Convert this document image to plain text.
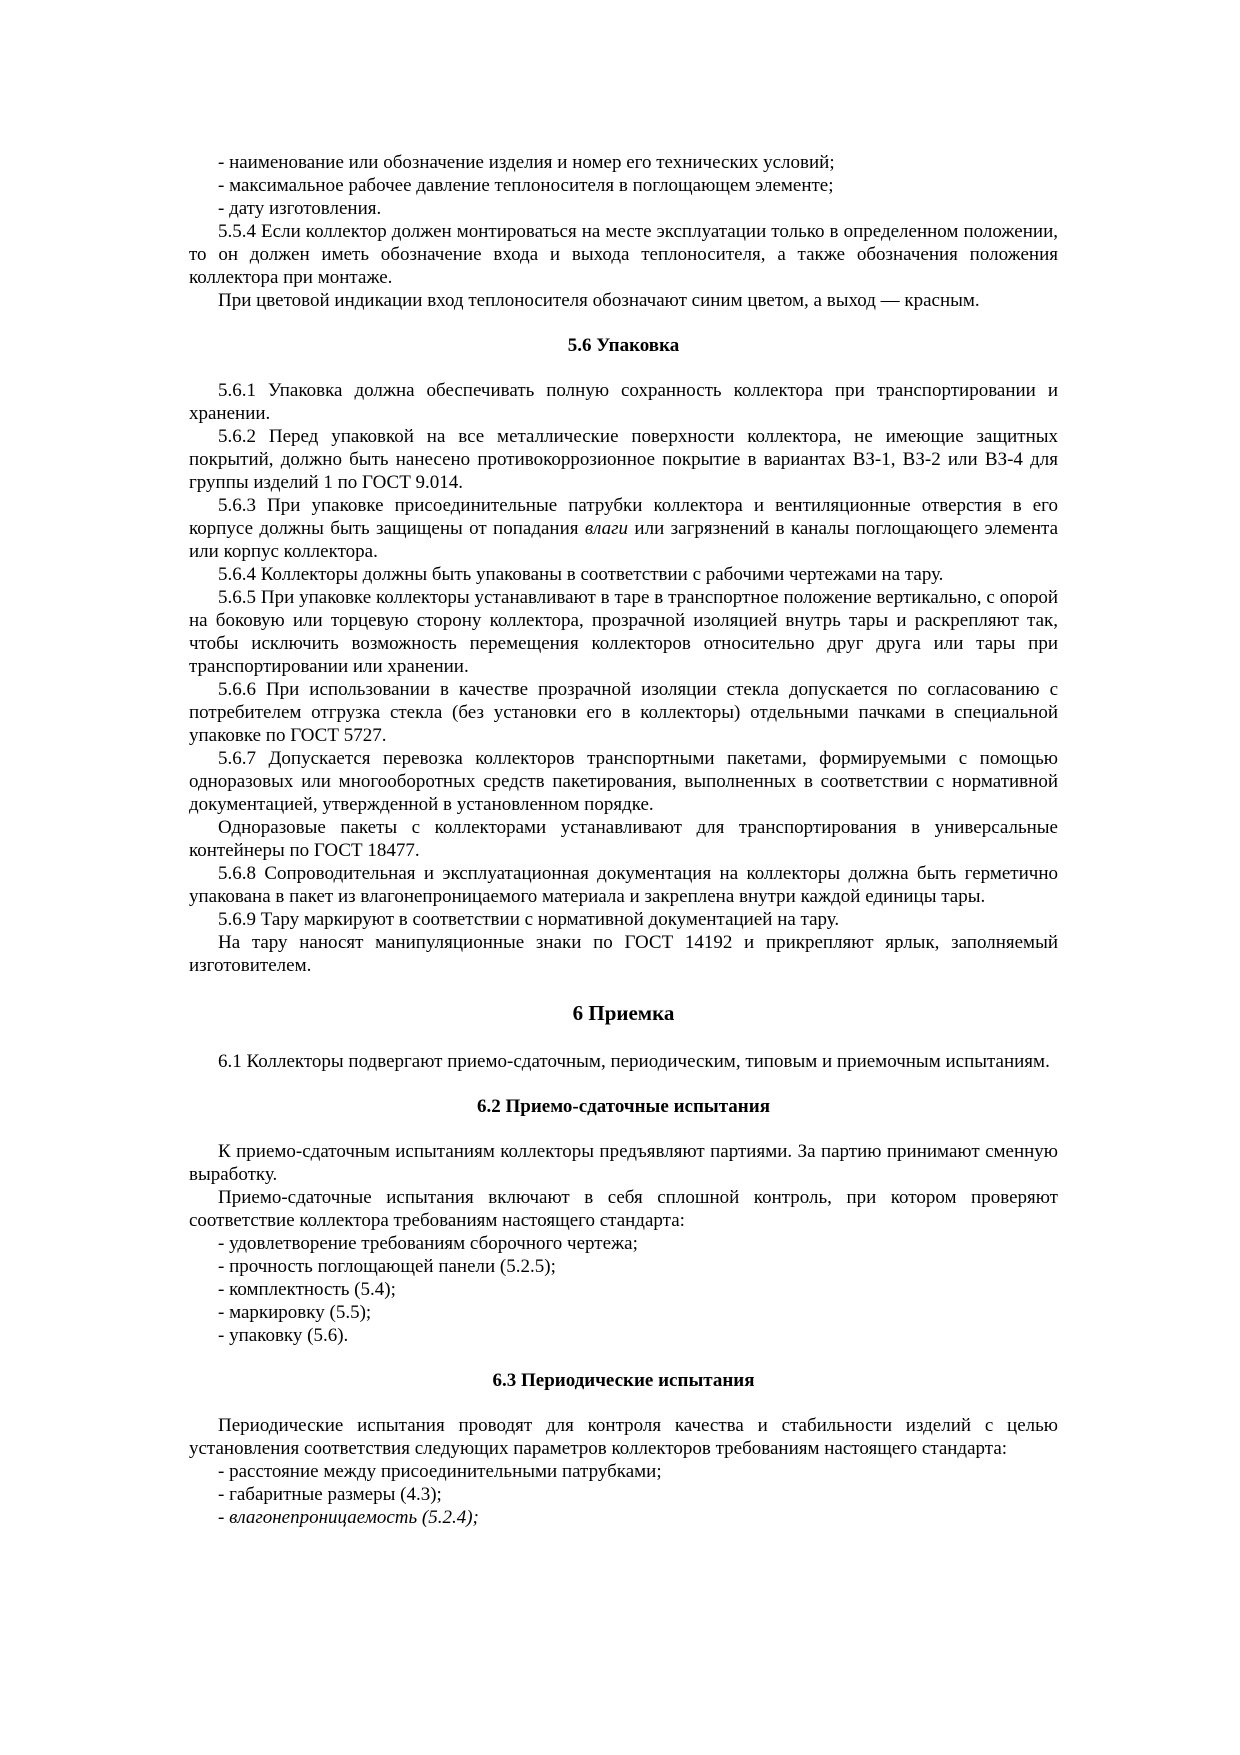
- наименование или обозначение изделия и номер его технических условий;

- максимальное рабочее давление теплоносителя в поглощающем элементе;

- дату изготовления.

5.5.4 Если коллектор должен монтироваться на месте эксплуатации только в определенном положении, то он должен иметь обозначение входа и выхода теплоносителя, а также обозначения положения коллектора при монтаже.

При цветовой индикации вход теплоносителя обозначают синим цветом, а выход — красным.

5.6 Упаковка

5.6.1 Упаковка должна обеспечивать полную сохранность коллектора при транспортировании и хранении.

5.6.2 Перед упаковкой на все металлические поверхности коллектора, не имеющие защитных покрытий, должно быть нанесено противокоррозионное покрытие в вариантах ВЗ-1, ВЗ-2 или ВЗ-4 для группы изделий 1 по ГОСТ 9.014.

5.6.3 При упаковке присоединительные патрубки коллектора и вентиляционные отверстия в его корпусе должны быть защищены от попадания влаги или загрязнений в каналы поглощающего элемента или корпус коллектора.

5.6.4 Коллекторы должны быть упакованы в соответствии с рабочими чертежами на тару.

5.6.5 При упаковке коллекторы устанавливают в таре в транспортное положение вертикально, с опорой на боковую или торцевую сторону коллектора, прозрачной изоляцией внутрь тары и раскрепляют так, чтобы исключить возможность перемещения коллекторов относительно друг друга или тары при транспортировании или хранении.

5.6.6 При использовании в качестве прозрачной изоляции стекла допускается по согласованию с потребителем отгрузка стекла (без установки его в коллекторы) отдельными пачками в специальной упаковке по ГОСТ 5727.

5.6.7 Допускается перевозка коллекторов транспортными пакетами, формируемыми с помощью одноразовых или многооборотных средств пакетирования, выполненных в соответствии с нормативной документацией, утвержденной в установленном порядке.

Одноразовые пакеты с коллекторами устанавливают для транспортирования в универсальные контейнеры по ГОСТ 18477.

5.6.8 Сопроводительная и эксплуатационная документация на коллекторы должна быть герметично упакована в пакет из влагонепроницаемого материала и закреплена внутри каждой единицы тары.

5.6.9 Тару маркируют в соответствии с нормативной документацией на тару.

На тару наносят манипуляционные знаки по ГОСТ 14192 и прикрепляют ярлык, заполняемый изготовителем.

6 Приемка

6.1 Коллекторы подвергают приемо-сдаточным, периодическим, типовым и приемочным испытаниям.

6.2 Приемо-сдаточные испытания

К приемо-сдаточным испытаниям коллекторы предъявляют партиями. За партию принимают сменную выработку.

Приемо-сдаточные испытания включают в себя сплошной контроль, при котором проверяют соответствие коллектора требованиям настоящего стандарта:

- удовлетворение требованиям сборочного чертежа;

- прочность поглощающей панели (5.2.5);

- комплектность (5.4);

- маркировку (5.5);

- упаковку (5.6).

6.3 Периодические испытания

Периодические испытания проводят для контроля качества и стабильности изделий с целью установления соответствия следующих параметров коллекторов требованиям настоящего стандарта:

- расстояние между присоединительными патрубками;

- габаритные размеры (4.3);

- влагонепроницаемость (5.2.4);
